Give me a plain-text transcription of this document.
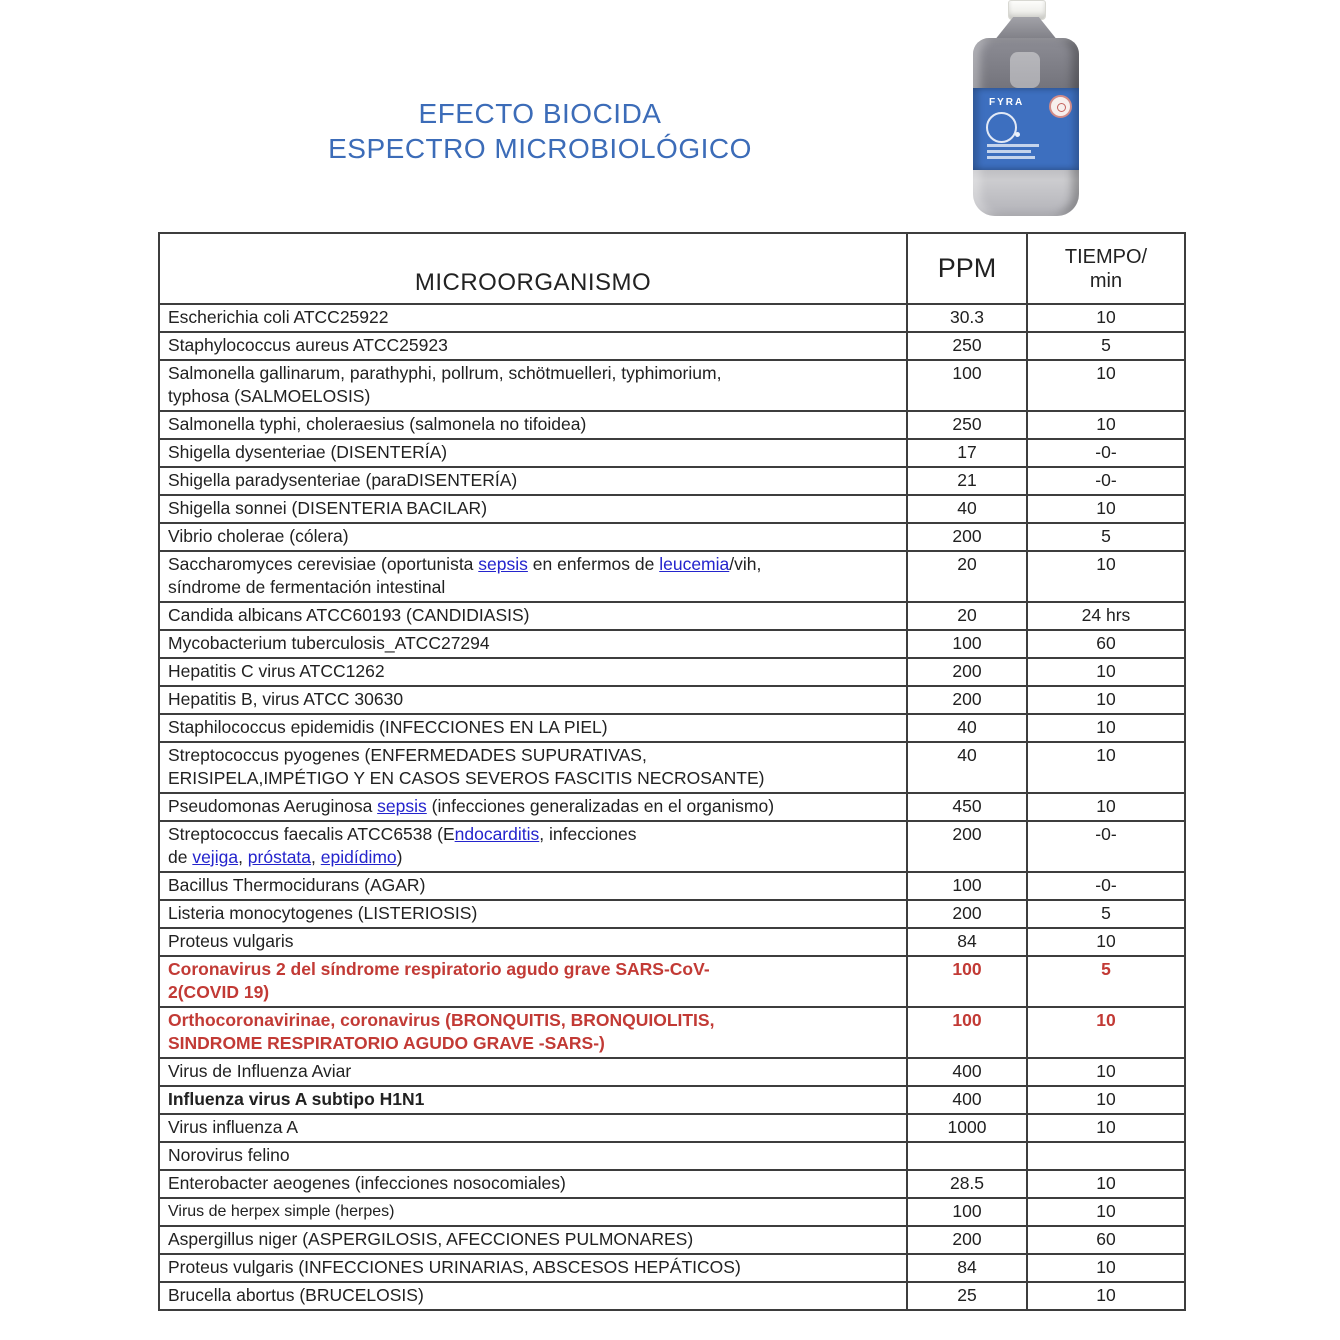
EFECTO BIOCIDA
ESPECTRO MICROBIOLÓGICO
FYRA
MICROORGANISMO	PPM	TIEMPO/
min
Escherichia coli ATCC25922	30.3	10
Staphylococcus aureus ATCC25923	250	5
Salmonella gallinarum, parathyphi, pollrum, schötmuelleri, typhimorium,
typhosa (SALMOELOSIS)	100	10
Salmonella typhi, choleraesius (salmonela no tifoidea)	250	10
Shigella dysenteriae (DISENTERÍA)	17	-0-
Shigella paradysenteriae (paraDISENTERÍA)	21	-0-
Shigella sonnei (DISENTERIA BACILAR)	40	10
Vibrio cholerae (cólera)	200	5
Saccharomyces cerevisiae (oportunista sepsis en enfermos de leucemia/vih,
síndrome de fermentación intestinal	20	10
Candida albicans ATCC60193 (CANDIDIASIS)	20	24 hrs
Mycobacterium tuberculosis_ATCC27294	100	60
Hepatitis C virus ATCC1262	200	10
Hepatitis B, virus ATCC 30630	200	10
Staphilococcus epidemidis (INFECCIONES EN LA PIEL)	40	10
Streptococcus pyogenes (ENFERMEDADES SUPURATIVAS,
ERISIPELA,IMPÉTIGO Y EN CASOS SEVEROS FASCITIS NECROSANTE)	40	10
Pseudomonas Aeruginosa sepsis (infecciones generalizadas en el organismo)	450	10
Streptococcus faecalis ATCC6538 (Endocarditis, infecciones
de vejiga, próstata, epidídimo)	200	-0-
Bacillus Thermocidurans (AGAR)	100	-0-
Listeria monocytogenes (LISTERIOSIS)	200	5
Proteus vulgaris	84	10
Coronavirus 2 del síndrome respiratorio agudo grave SARS-CoV-
2(COVID 19)	100	5
Orthocoronavirinae, coronavirus (BRONQUITIS, BRONQUIOLITIS,
SINDROME RESPIRATORIO AGUDO GRAVE -SARS-)	100	10
Virus de Influenza Aviar	400	10
Influenza virus A subtipo H1N1	400	10
Virus influenza A	1000	10
Norovirus felino		
Enterobacter aeogenes (infecciones nosocomiales)	28.5	10
Virus de herpex simple (herpes)	100	10
Aspergillus niger (ASPERGILOSIS, AFECCIONES PULMONARES)	200	60
Proteus vulgaris (INFECCIONES URINARIAS, ABSCESOS HEPÁTICOS)	84	10
Brucella abortus (BRUCELOSIS)	25	10
